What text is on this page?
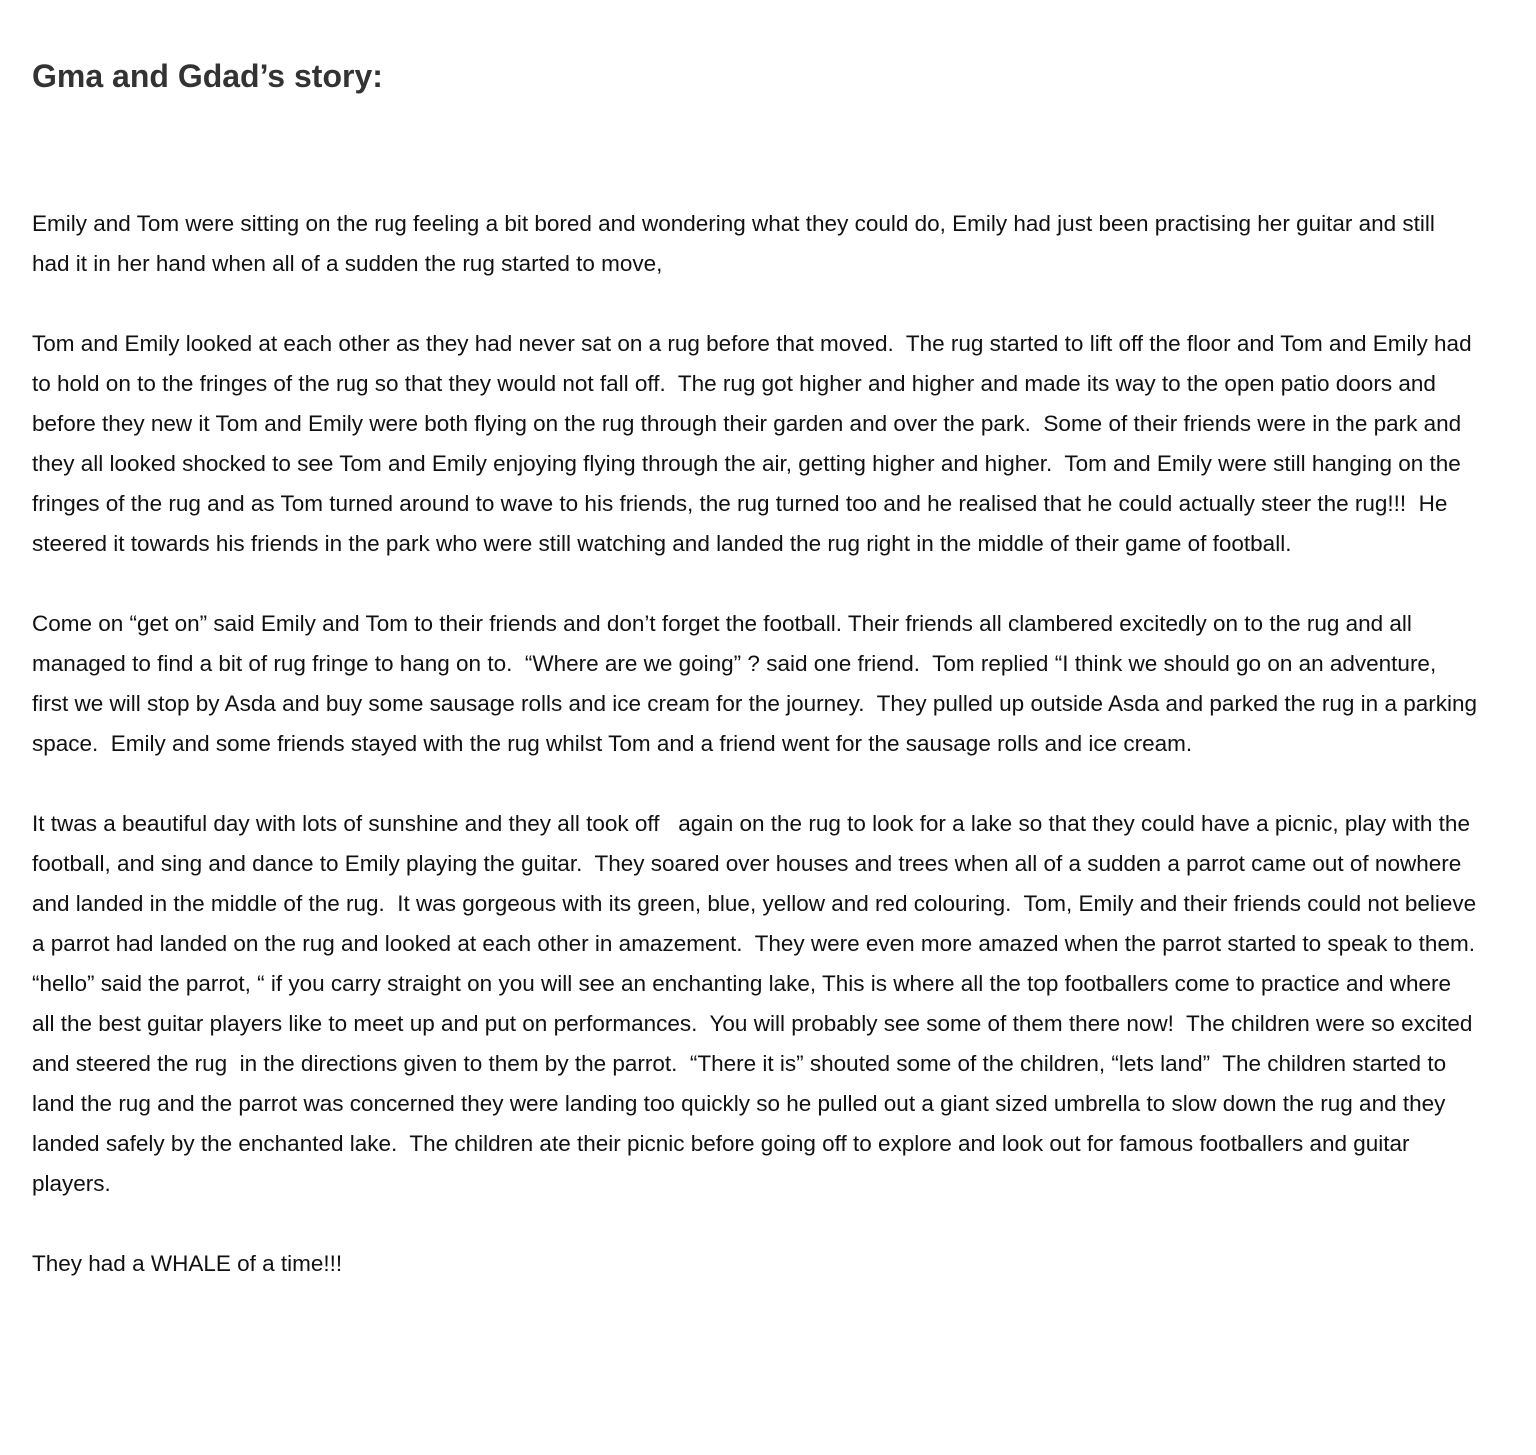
Gma and Gdad’s story:

Emily and Tom were sitting on the rug feeling a bit bored and wondering what they could do, Emily had just been practising her guitar and still had it in her hand when all of a sudden the rug started to move,

Tom and Emily looked at each other as they had never sat on a rug before that moved.  The rug started to lift off the floor and Tom and Emily had to hold on to the fringes of the rug so that they would not fall off.  The rug got higher and higher and made its way to the open patio doors and before they new it Tom and Emily were both flying on the rug through their garden and over the park.  Some of their friends were in the park and they all looked shocked to see Tom and Emily enjoying flying through the air, getting higher and higher.  Tom and Emily were still hanging on the fringes of the rug and as Tom turned around to wave to his friends, the rug turned too and he realised that he could actually steer the rug!!!  He steered it towards his friends in the park who were still watching and landed the rug right in the middle of their game of football.

Come on “get on” said Emily and Tom to their friends and don’t forget the football. Their friends all clambered excitedly on to the rug and all managed to find a bit of rug fringe to hang on to.  “Where are we going” ? said one friend.  Tom replied “I think we should go on an adventure, first we will stop by Asda and buy some sausage rolls and ice cream for the journey.  They pulled up outside Asda and parked the rug in a parking space.  Emily and some friends stayed with the rug whilst Tom and a friend went for the sausage rolls and ice cream.

It twas a beautiful day with lots of sunshine and they all took off   again on the rug to look for a lake so that they could have a picnic, play with the football, and sing and dance to Emily playing the guitar.  They soared over houses and trees when all of a sudden a parrot came out of nowhere and landed in the middle of the rug.  It was gorgeous with its green, blue, yellow and red colouring.  Tom, Emily and their friends could not believe a parrot had landed on the rug and looked at each other in amazement.  They were even more amazed when the parrot started to speak to them.  “hello” said the parrot, “ if you carry straight on you will see an enchanting lake, This is where all the top footballers come to practice and where all the best guitar players like to meet up and put on performances.  You will probably see some of them there now!  The children were so excited and steered the rug  in the directions given to them by the parrot.  “There it is” shouted some of the children, “lets land”  The children started to land the rug and the parrot was concerned they were landing too quickly so he pulled out a giant sized umbrella to slow down the rug and they landed safely by the enchanted lake.  The children ate their picnic before going off to explore and look out for famous footballers and guitar players.

They had a WHALE of a time!!!
